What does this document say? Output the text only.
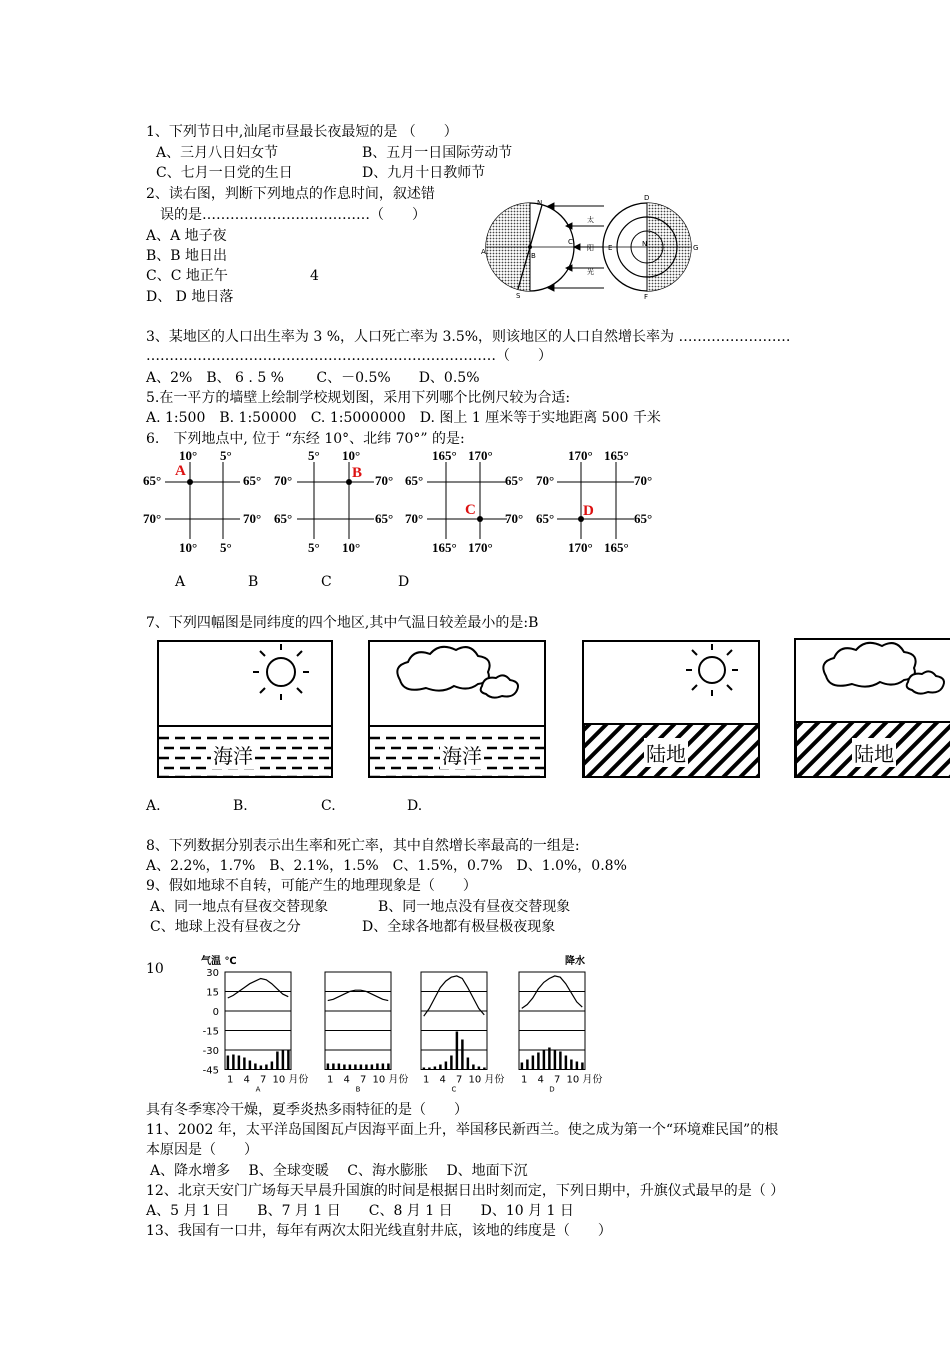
1、下列节日中,汕尾市昼最长夜最短的是 （　　）
A、三月八日妇女节	B、五月一日国际劳动节
C、七月一日党的生日	D、九月十日教师节
2、读右图，判断下列地点的作息时间，叙述错
误的是………………………………（　　）
A、A 地子夜
B、B 地日出
C、C 地正午	4
D、 D 地日落
N
A	B
C
S
太
阳
光
D
E	N	G
F
3、某地区的人口出生率为 3 %，人口死亡率为 3.5%，则该地区的人口自然增长率为 ……………………
…………………………………………………………………（　　）
A、2%　B、 6 . 5 %　　 C、－0.5%　　D、0.5%
5.在一平方的墙壁上绘制学校规划图，采用下列哪个比例尺较为合适:
A. 1:500　B. 1:50000　C. 1:5000000　D. 图上 1 厘米等于实地距离 500 千米
6.　下列地点中, 位于 “东经 10°、北纬 70°” 的是:
10° 5°
65°
70°
65°
70°
10° 5°
A
5° 10°
70°
65°
70°
65°
5° 10°
B
165° 170°
65°
70°
65°
70°
165° 170°
C
170° 165°
70°
65°
70°
65°
170° 165°
D
A	B	C	D
7、下列四幅图是同纬度的四个地区,其中气温日较差最小的是:B
海洋	海洋	陆地	陆地
A.	B.	C.	D.
8、下列数据分别表示出生率和死亡率，其中自然增长率最高的一组是:
A、2.2%，1.7%　B、2.1%，1.5%　C、1.5%，0.7%　D、1.0%，0.8%
9、假如地球不自转，可能产生的地理现象是（　　）
A、同一地点有昼夜交替现象	B、同一地点没有昼夜交替现象
C、地球上没有昼夜之分	D、全球各地都有极昼极夜现象
10	气温 ℃	降水
30
15
0
-15
-30
-45
1 4 7 10 月份
A
1 4 7 10 月份
B
1 4 7 10 月份
C
1 4 7 10 月份
D
具有冬季寒冷干燥，夏季炎热多雨特征的是（　　）
11、2002 年，太平洋岛国图瓦卢因海平面上升，举国移民新西兰。使之成为第一个“环境难民国”的根
本原因是（　　）
A、降水增多　 B、全球变暖　 C、海水膨胀　 D、地面下沉
12、北京天安门广场每天早晨升国旗的时间是根据日出时刻而定，下列日期中，升旗仪式最早的是（ ）
A、5 月 1 日　　B、7 月 1 日　　C、8 月 1 日　　D、10 月 1 日
13、我国有一口井，每年有两次太阳光线直射井底，该地的纬度是（　　）
